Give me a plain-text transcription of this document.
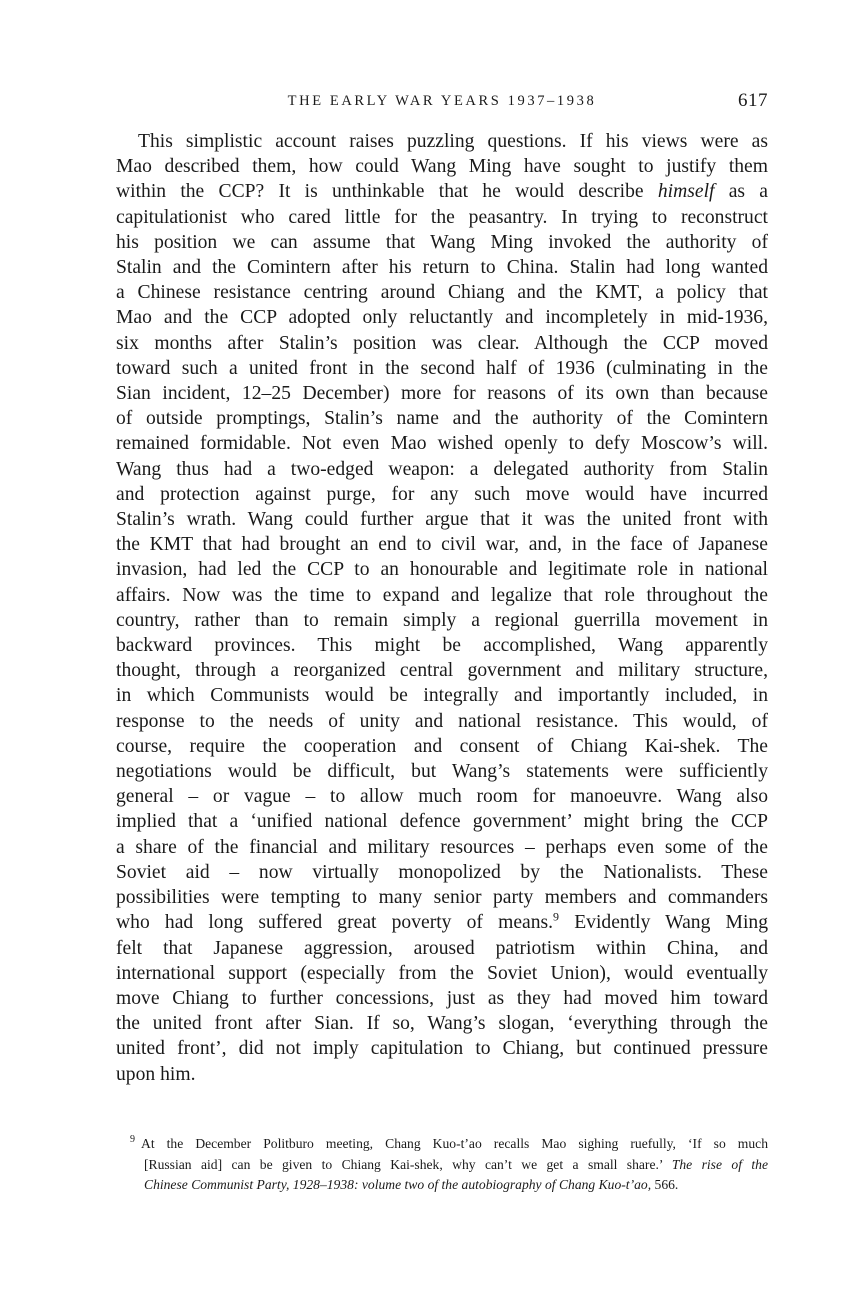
THE EARLY WAR YEARS 1937–1938	617
This simplistic account raises puzzling questions. If his views were as
Mao described them, how could Wang Ming have sought to justify them
within the CCP? It is unthinkable that he would describe himself as a
capitulationist who cared little for the peasantry. In trying to reconstruct
his position we can assume that Wang Ming invoked the authority of
Stalin and the Comintern after his return to China. Stalin had long wanted
a Chinese resistance centring around Chiang and the KMT, a policy that
Mao and the CCP adopted only reluctantly and incompletely in mid-1936,
six months after Stalin’s position was clear. Although the CCP moved
toward such a united front in the second half of 1936 (culminating in the
Sian incident, 12–25 December) more for reasons of its own than because
of outside promptings, Stalin’s name and the authority of the Comintern
remained formidable. Not even Mao wished openly to defy Moscow’s will.
Wang thus had a two-edged weapon: a delegated authority from Stalin
and protection against purge, for any such move would have incurred
Stalin’s wrath. Wang could further argue that it was the united front with
the KMT that had brought an end to civil war, and, in the face of Japanese
invasion, had led the CCP to an honourable and legitimate role in national
affairs. Now was the time to expand and legalize that role throughout the
country, rather than to remain simply a regional guerrilla movement in
backward provinces. This might be accomplished, Wang apparently
thought, through a reorganized central government and military structure,
in which Communists would be integrally and importantly included, in
response to the needs of unity and national resistance. This would, of
course, require the cooperation and consent of Chiang Kai-shek. The
negotiations would be difficult, but Wang’s statements were sufficiently
general – or vague – to allow much room for manoeuvre. Wang also
implied that a ‘unified national defence government’ might bring the CCP
a share of the financial and military resources – perhaps even some of the
Soviet aid – now virtually monopolized by the Nationalists. These
possibilities were tempting to many senior party members and commanders
who had long suffered great poverty of means.$^9$ Evidently Wang Ming
felt that Japanese aggression, aroused patriotism within China, and
international support (especially from the Soviet Union), would eventually
move Chiang to further concessions, just as they had moved him toward
the united front after Sian. If so, Wang’s slogan, ‘everything through the
united front’, did not imply capitulation to Chiang, but continued pressure
upon him.
$^9$ At the December Politburo meeting, Chang Kuo-t’ao recalls Mao sighing ruefully, ‘If so much
[Russian aid] can be given to Chiang Kai-shek, why can’t we get a small share.’ The rise of the
Chinese Communist Party, 1928–1938: volume two of the autobiography of Chang Kuo-t’ao, 566.
